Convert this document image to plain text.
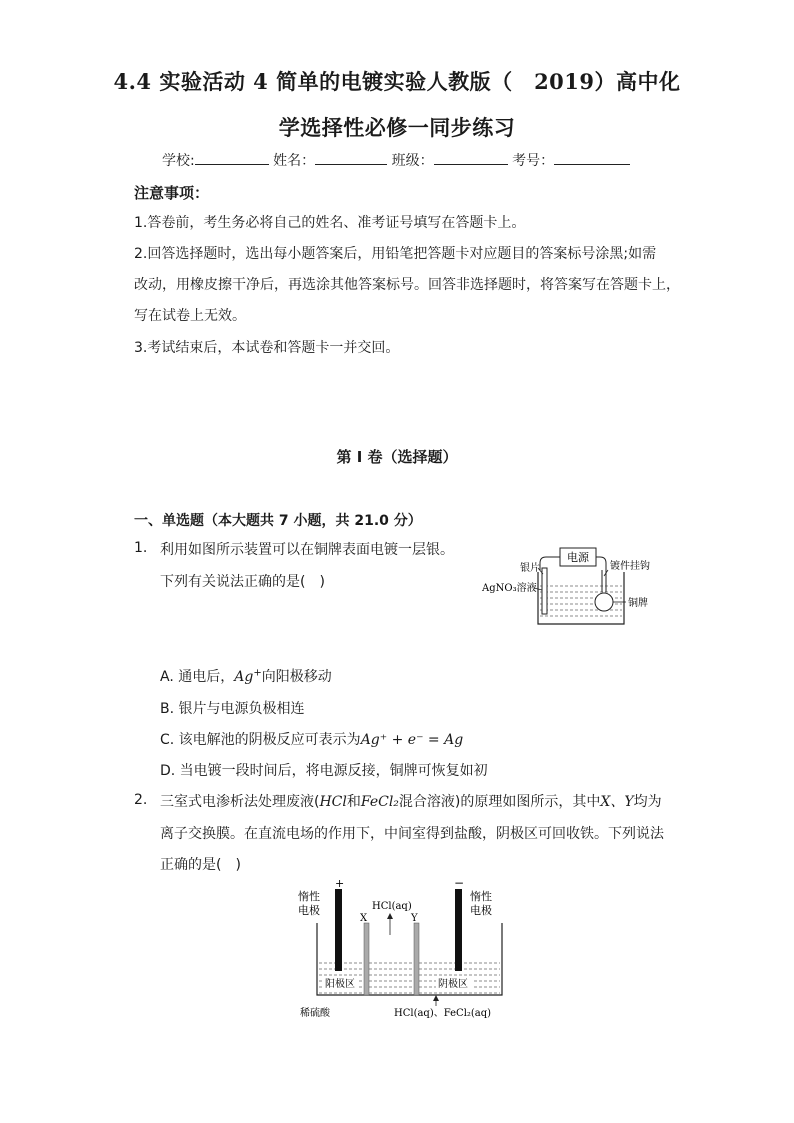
4.4 实验活动 4 简单的电镀实验人教版（　2019）高中化
学选择性必修一同步练习
学校:	姓名：	班级：	考号：
注意事项：
1.答卷前，考生务必将自己的姓名、准考证号填写在答题卡上。
2.回答选择题时，选出每小题答案后，用铅笔把答题卡对应题目的答案标号涂黑;如需
改动，用橡皮擦干净后，再选涂其他答案标号。回答非选择题时，将答案写在答题卡上，
写在试卷上无效。
3.考试结束后，本试卷和答题卡一并交回。
第 I 卷（选择题）
一、单选题（本大题共 7 小题，共 21.0 分）
1. 利用如图所示装置可以在铜牌表面电镀一层银。
下列有关说法正确的是(　)
电源
银片	镀件挂钩
AgNO₃溶液
铜牌
A. 通电后，Ag+向阳极移动
B. 银片与电源负极相连
C. 该电解池的阴极反应可表示为Ag⁺ + e⁻ = Ag
D. 当电镀一段时间后，将电源反接，铜牌可恢复如初
2. 三室式电渗析法处理废液(HCl和FeCl₂混合溶液)的原理如图所示，其中X、Y均为
离子交换膜。在直流电场的作用下，中间室得到盐酸，阴极区可回收铁。下列说法
正确的是(　)
+	−
惰性
电极
惰性
电极
HCl(aq)
X	Y
阳极区	阴极区
稀硫酸	HCl(aq)、FeCl₂(aq)
